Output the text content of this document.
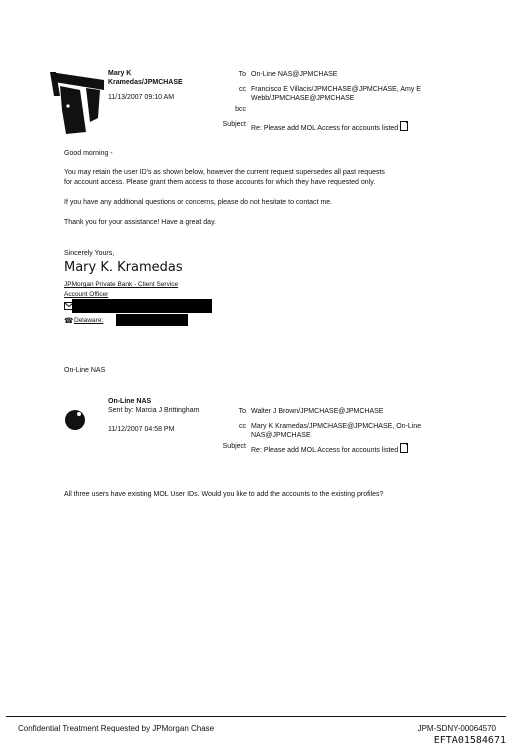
Mary K
Kramedas/JPMCHASE
11/13/2007 09:10 AM
To On-Line NAS@JPMCHASE
cc Francisco E Villacis/JPMCHASE@JPMCHASE, Amy E
Webb/JPMCHASE@JPMCHASE
bcc
Subject
Re: Please add MOL Access for accounts listed
Good morning -
You may retain the user ID's as shown below, however the current request supersedes all past requests
for account access. Please grant them access to those accounts for which they have requested only.
If you have any additional questions or concerns, please do not hesitate to contact me.
Thank you for your assistance! Have a great day.
Sincerely Yours,
Mary K. Kramedas
JPMorgan Private Bank - Client Service
Account Officer
☎ Delaware:
On-Line NAS
On-Line NAS
Sent by: Marcia J Brittingham
11/12/2007 04:58 PM
To Walter J Brown/JPMCHASE@JPMCHASE
cc Mary K Kramedas/JPMCHASE@JPMCHASE, On-Line
NAS@JPMCHASE
Subject
Re: Please add MOL Access for accounts listed
All three users have existing MOL User IDs. Would you like to add the accounts to the existing profiles?
Confidential Treatment Requested by JPMorgan Chase	JPM-SDNY-00064570
EFTA01584671
